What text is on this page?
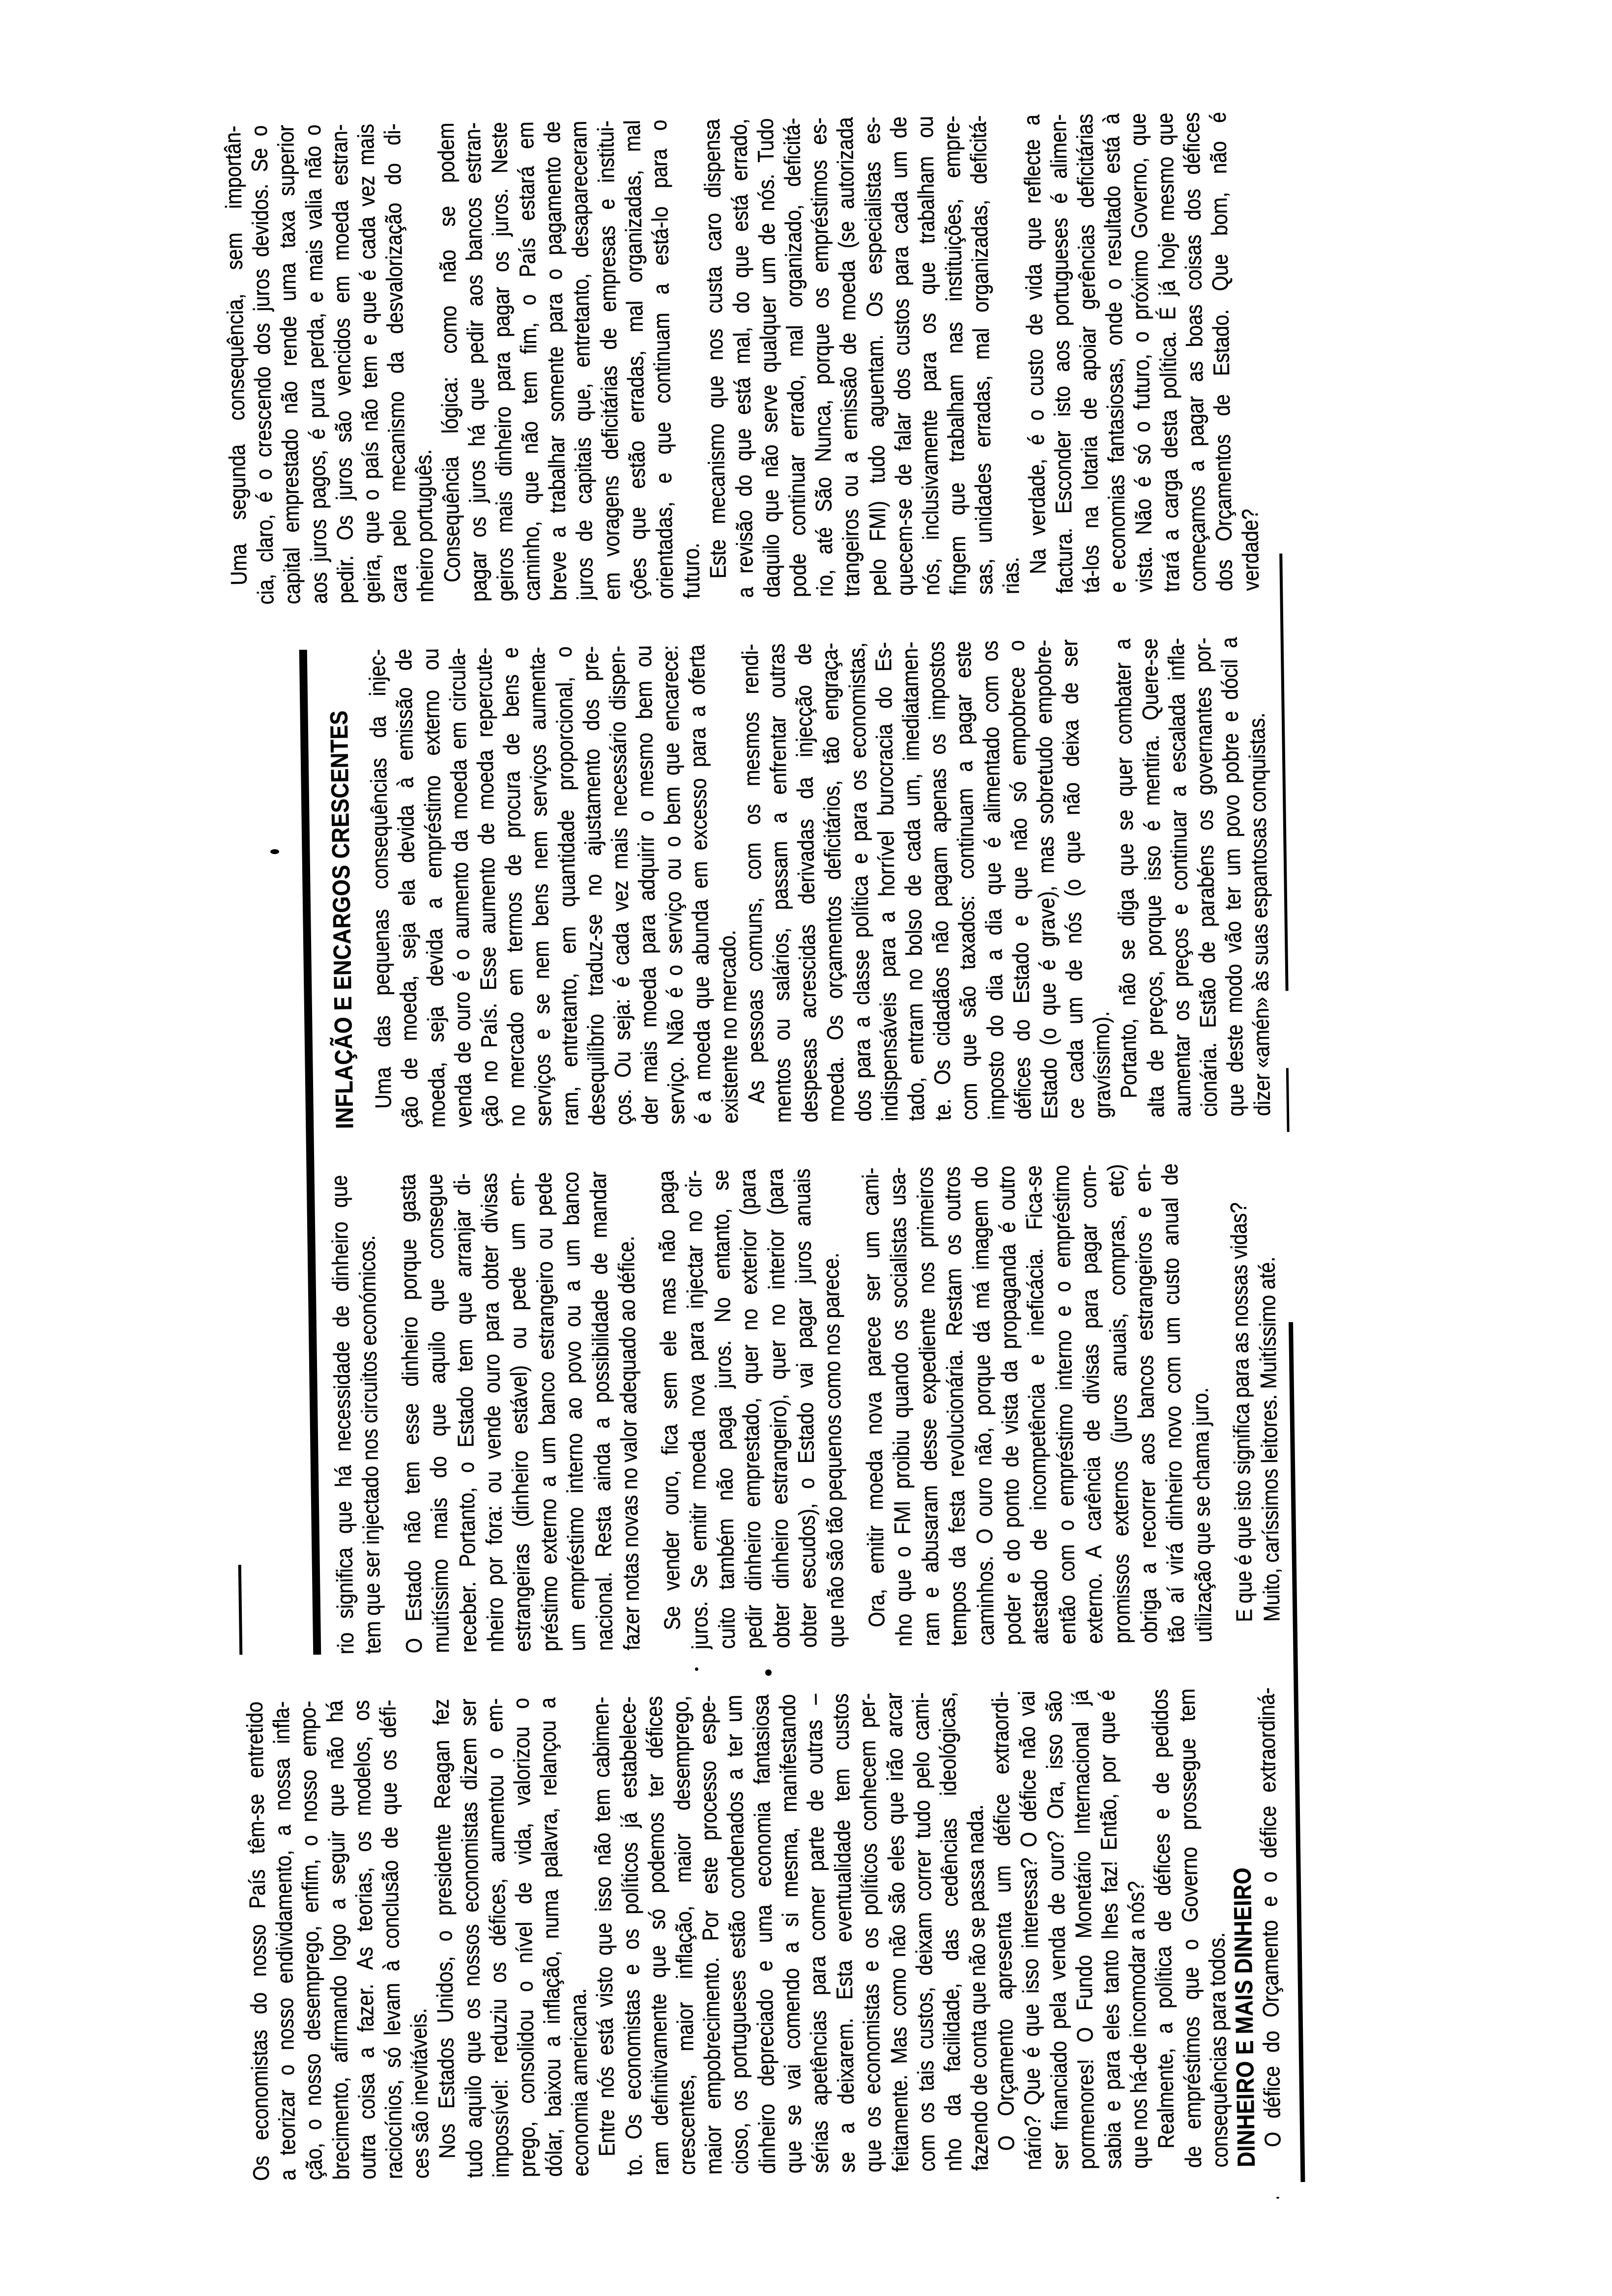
Os economistas do nosso País têm-se entretido
a teorizar o nosso endividamento, a nossa infla-
ção, o nosso desemprego, enfim, o nosso empo-
brecimento, afirmando logo a seguir que não há
outra coisa a fazer. As teorias, os modelos, os
raciocínios, só levam à conclusão de que os défi-
ces são inevitáveis.
Nos Estados Unidos, o presidente Reagan fez
tudo aquilo que os nossos economistas dizem ser
impossível: reduziu os défices, aumentou o em-
prego, consolidou o nível de vida, valorizou o
dólar, baixou a inflação, numa palavra, relançou a
economia americana.
Entre nós está visto que isso não tem cabimen-
to. Os economistas e os políticos já estabelece-
ram definitivamente que só podemos ter défices
crescentes, maior inflação, maior desemprego,
maior empobrecimento. Por este processo espe-
cioso, os portugueses estão condenados a ter um
dinheiro depreciado e uma economia fantasiosa
que se vai comendo a si mesma, manifestando
sérias apetências para comer parte de outras –
se a deixarem. Esta eventualidade tem custos
que os economistas e os políticos conhecem per-
feitamente. Mas como não são eles que irão arcar
com os tais custos, deixam correr tudo pelo cami-
nho da facilidade, das cedências ideológicas,
fazendo de conta que não se passa nada.
O Orçamento apresenta um défice extraordi-
nário? Que é que isso interessa? O défice não vai
ser financiado pela venda de ouro? Ora, isso são
pormenores! O Fundo Monetário Internacional já
sabia e para eles tanto lhes faz! Então, por que é
que nos há-de incomodar a nós?
Realmente, a política de défices e de pedidos
de empréstimos que o Governo prossegue tem
consequências para todos.
DINHEIRO E MAIS DINHEIRO
O défice do Orçamento e o défice extraordiná-
rio significa que há necessidade de dinheiro que
tem que ser injectado nos circuitos económicos. O Estado não tem esse dinheiro porque gasta
muitíssimo mais do que aquilo que consegue
receber. Portanto, o Estado tem que arranjar di-
nheiro por fora: ou vende ouro para obter divisas
estrangeiras (dinheiro estável) ou pede um em-
préstimo externo a um banco estrangeiro ou pede
um empréstimo interno ao povo ou a um banco
nacional. Resta ainda a possibilidade de mandar
fazer notas novas no valor adequado ao défice. Se vender ouro, fica sem ele mas não paga
juros. Se emitir moeda nova para injectar no cir-
cuito também não paga juros. No entanto, se
pedir dinheiro emprestado, quer no exterior (para
obter dinheiro estrangeiro), quer no interior (para
obter escudos), o Estado vai pagar juros anuais
que não são tão pequenos como nos parece. Ora, emitir moeda nova parece ser um cami-
nho que o FMI proibiu quando os socialistas usa-
ram e abusaram desse expediente nos primeiros
tempos da festa revolucionária. Restam os outros
caminhos. O ouro não, porque dá má imagem do
poder e do ponto de vista da propaganda é outro
atestado de incompetência e ineficácia. Fica-se
então com o empréstimo interno e o empréstimo
externo. A carência de divisas para pagar com-
promissos externos (juros anuais, compras, etc)
obriga a recorrer aos bancos estrangeiros e en-
tão aí virá dinheiro novo com um custo anual de
utilização que se chama juro. E que é que isto significa para as nossas vidas?
Muito, caríssimos leitores. Muitíssimo até.
INFLAÇÃO E ENCARGOS CRESCENTES Uma das pequenas consequências da injec-
ção de moeda, seja ela devida à emissão de
moeda, seja devida a empréstimo externo ou
venda de ouro é o aumento da moeda em circula-
ção no País. Esse aumento de moeda repercute-
no mercado em termos de procura de bens e
serviços e se nem bens nem serviços aumenta-
ram, entretanto, em quantidade proporcional, o
desequilíbrio traduz-se no ajustamento dos pre-
ços. Ou seja: é cada vez mais necessário dispen-
der mais moeda para adquirir o mesmo bem ou
serviço. Não é o serviço ou o bem que encarece:
é a moeda que abunda em excesso para a oferta
existente no mercado.
As pessoas comuns, com os mesmos rendi-
mentos ou salários, passam a enfrentar outras
despesas acrescidas derivadas da injecção de
moeda. Os orçamentos deficitários, tão engraça-
dos para a classe política e para os economistas,
indispensáveis para a horrível burocracia do Es-
tado, entram no bolso de cada um, imediatamen-
te. Os cidadãos não pagam apenas os impostos
com que são taxados: continuam a pagar este
imposto do dia a dia que é alimentado com os
défices do Estado e que não só empobrece o
Estado (o que é grave), mas sobretudo empobre-
ce cada um de nós (o que não deixa de ser gravíssimo).
Portanto, não se diga que se quer combater a
alta de preços, porque isso é mentira. Quere-se
aumentar os preços e continuar a escalada infla-
cionária. Estão de parabéns os governantes por-
que deste modo vão ter um povo pobre e dócil a
dizer «amén» às suas espantosas conquistas.
Uma segunda consequência, sem importân-
cia, claro, é o crescendo dos juros devidos. Se o
capital emprestado não rende uma taxa superior
aos juros pagos, é pura perda, e mais valia não o
pedir. Os juros são vencidos em moeda estran-
geira, que o país não tem e que é cada vez mais
cara pelo mecanismo da desvalorização do di-
nheiro português.
Consequência lógica: como não se podem
pagar os juros há que pedir aos bancos estran-
geiros mais dinheiro para pagar os juros. Neste
caminho, que não tem fim, o País estará em
breve a trabalhar somente para o pagamento de
juros de capitais que, entretanto, desapareceram
em voragens deficitárias de empresas e institui-
ções que estão erradas, mal organizadas, mal
orientadas, e que continuam a está-lo para o futuro.
Este mecanismo que nos custa caro dispensa
a revisão do que está mal, do que está errado,
daquilo que não serve qualquer um de nós. Tudo
pode continuar errado, mal organizado, deficitá-
rio, até São Nunca, porque os empréstimos es-
trangeiros ou a emissão de moeda (se autorizada
pelo FMI) tudo aguentam. Os especialistas es-
quecem-se de falar dos custos para cada um de
nós, inclusivamente para os que trabalham ou
fingem que trabalham nas instituições, empre-
sas, unidades erradas, mal organizadas, deficitá- rias.
Na verdade, é o custo de vida que reflecte a
factura. Esconder isto aos portugueses é alimen-
tá-los na lotaria de apoiar gerências deficitárias
e economias fantasiosas, onde o resultado está à
vista. Não é só o futuro, o próximo Governo, que
trará a carga desta política. É já hoje mesmo que
começamos a pagar as boas coisas dos défices
dos Orçamentos de Estado. Que bom, não é verdade?
